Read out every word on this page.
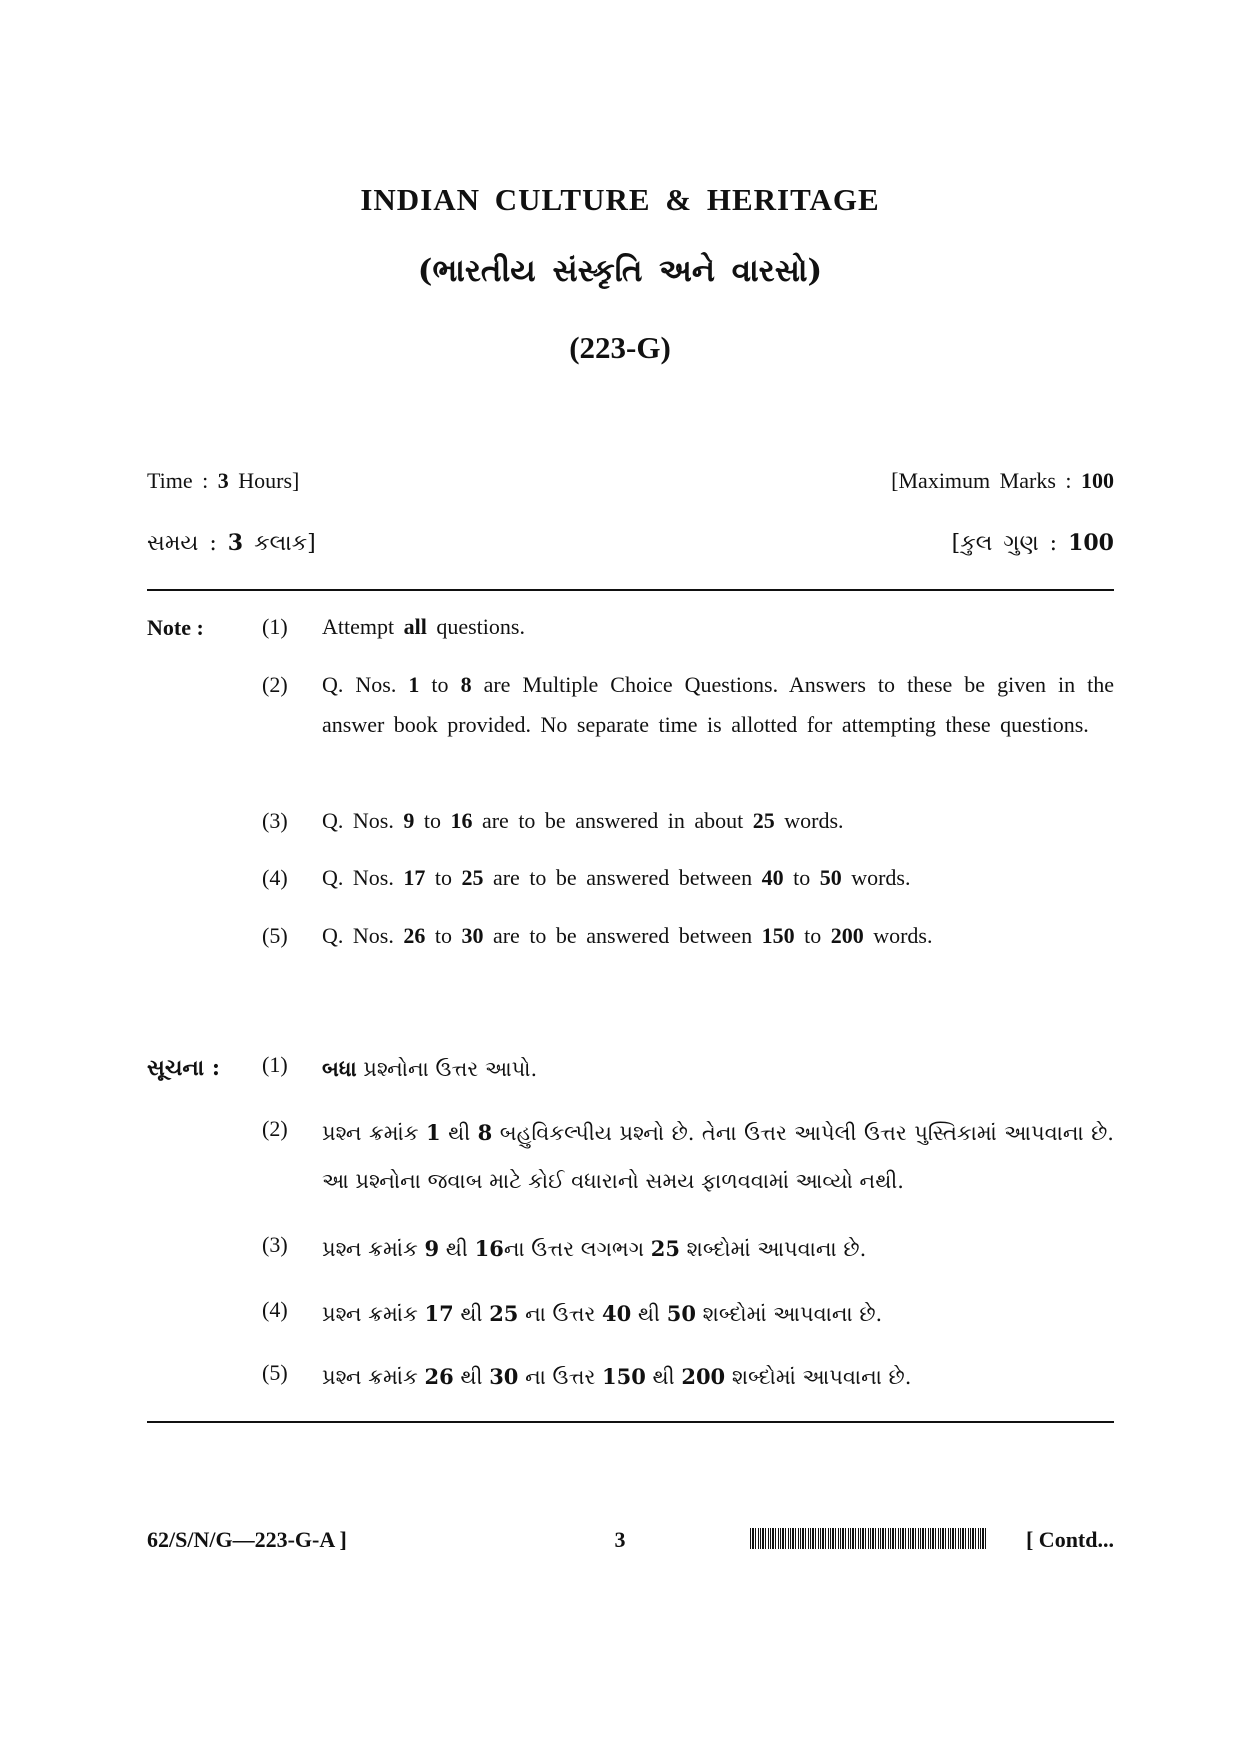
INDIAN CULTURE & HERITAGE
(ભારતીય સંસ્કૃતિ અને વારસો)
(223-G)
Time : 3 Hours]	[Maximum Marks : 100
સમય : 3 કલાક]	[કુલ ગુણ : 100
Note :	(1)	Attempt all questions.
(2)	Q. Nos. 1 to 8 are Multiple Choice Questions. Answers to these be given in the answer book provided. No separate time is allotted for attempting these questions.
(3)	Q. Nos. 9 to 16 are to be answered in about 25 words.
(4)	Q. Nos. 17 to 25 are to be answered between 40 to 50 words.
(5)	Q. Nos. 26 to 30 are to be answered between 150 to 200 words.
સૂચના : (1)	બધા પ્રશ્નોના ઉત્તર આપો.
(2)	પ્રશ્ન ક્રમાંક 1 થી 8 બહુવિકલ્પીય પ્રશ્નો છે. તેના ઉત્તર આપેલી ઉત્તર પુસ્તિકામાં આપવાના છે. આ પ્રશ્નોના જવાબ માટે કોઈ વધારાનો સમય ફાળવવામાં આવ્યો નથી.
(3)	પ્રશ્ન ક્રમાંક 9 થી 16ના ઉત્તર લગભગ 25 શબ્દોમાં આપવાના છે.
(4)	પ્રશ્ન ક્રમાંક 17 થી 25 ના ઉત્તર 40 થી 50 શબ્દોમાં આપવાના છે.
(5)	પ્રશ્ન ક્રમાંક 26 થી 30 ના ઉત્તર 150 થી 200 શબ્દોમાં આપવાના છે.
62/S/N/G—223-G-A ]	3	[ Contd...
